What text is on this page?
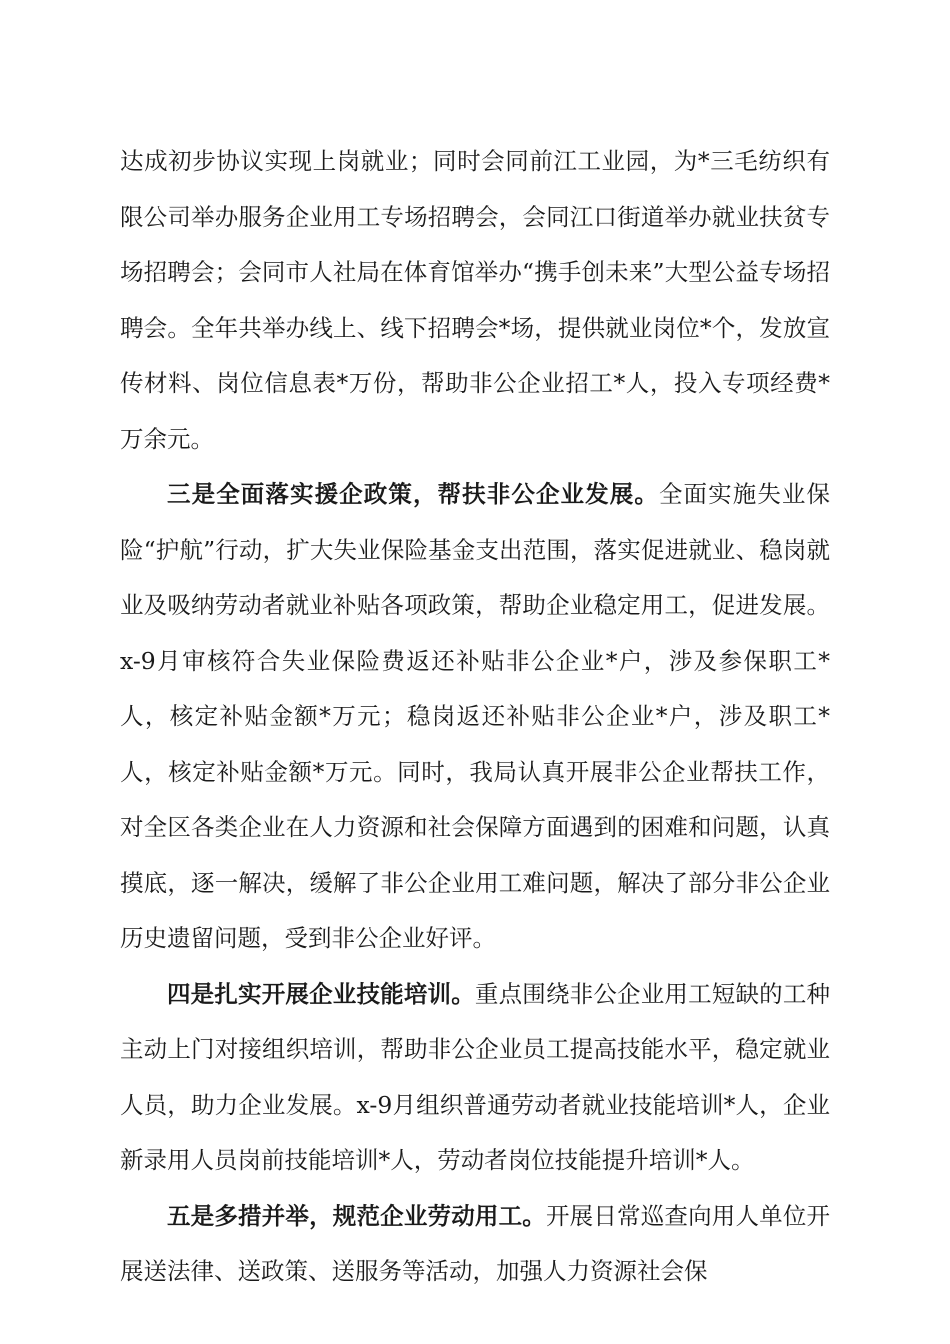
达成初步协议实现上岗就业；同时会同前江工业园，为*三毛纺织有限公司举办服务企业用工专场招聘会，会同江口街道举办就业扶贫专场招聘会；会同市人社局在体育馆举办“携手创未来”大型公益专场招聘会。全年共举办线上、线下招聘会*场，提供就业岗位*个，发放宣传材料、岗位信息表*万份，帮助非公企业招工*人，投入专项经费*万余元。

三是全面落实援企政策，帮扶非公企业发展。全面实施失业保险“护航”行动，扩大失业保险基金支出范围，落实促进就业、稳岗就业及吸纳劳动者就业补贴各项政策，帮助企业稳定用工，促进发展。x-9月审核符合失业保险费返还补贴非公企业*户，涉及参保职工*人，核定补贴金额*万元；稳岗返还补贴非公企业*户，涉及职工*人，核定补贴金额*万元。同时，我局认真开展非公企业帮扶工作，对全区各类企业在人力资源和社会保障方面遇到的困难和问题，认真摸底，逐一解决，缓解了非公企业用工难问题，解决了部分非公企业历史遗留问题，受到非公企业好评。

四是扎实开展企业技能培训。重点围绕非公企业用工短缺的工种主动上门对接组织培训，帮助非公企业员工提高技能水平，稳定就业人员，助力企业发展。x-9月组织普通劳动者就业技能培训*人，企业新录用人员岗前技能培训*人，劳动者岗位技能提升培训*人。

五是多措并举，规范企业劳动用工。开展日常巡查向用人单位开展送法律、送政策、送服务等活动，加强人力资源社会保
